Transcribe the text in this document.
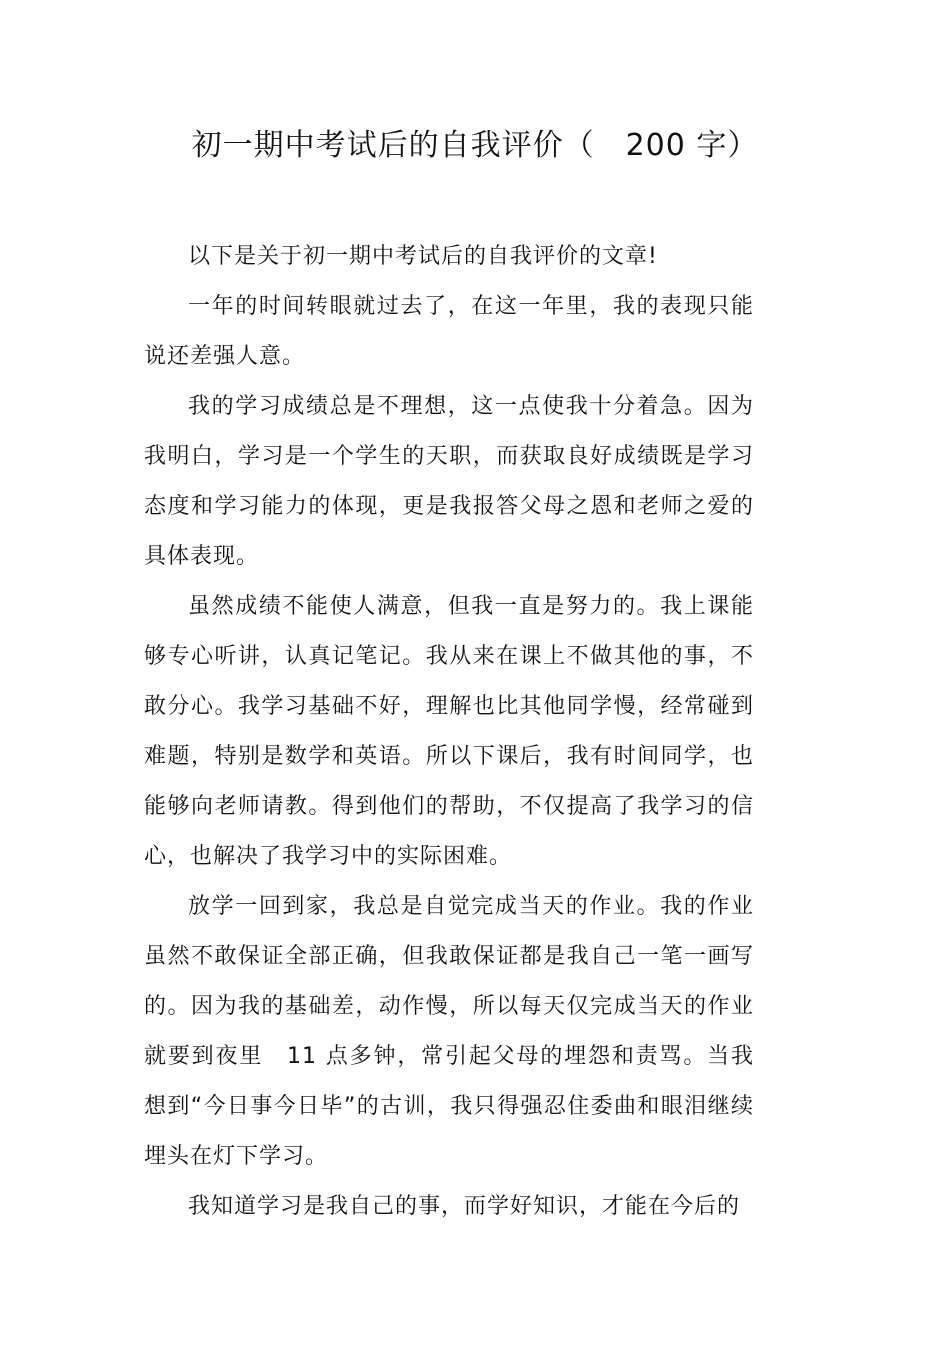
初一期中考试后的自我评价（　200 字）

以下是关于初一期中考试后的自我评价的文章!

一年的时间转眼就过去了，在这一年里，我的表现只能说还差强人意。

我的学习成绩总是不理想，这一点使我十分着急。因为我明白，学习是一个学生的天职，而获取良好成绩既是学习态度和学习能力的体现，更是我报答父母之恩和老师之爱的具体表现。

虽然成绩不能使人满意，但我一直是努力的。我上课能够专心听讲，认真记笔记。我从来在课上不做其他的事，不敢分心。我学习基础不好，理解也比其他同学慢，经常碰到难题，特别是数学和英语。所以下课后，我有时间同学，也能够向老师请教。得到他们的帮助，不仅提高了我学习的信心，也解决了我学习中的实际困难。

放学一回到家，我总是自觉完成当天的作业。我的作业虽然不敢保证全部正确，但我敢保证都是我自己一笔一画写的。因为我的基础差，动作慢，所以每天仅完成当天的作业就要到夜里　11 点多钟，常引起父母的埋怨和责骂。当我想到“今日事今日毕”的古训，我只得强忍住委曲和眼泪继续埋头在灯下学习。

我知道学习是我自己的事，而学好知识，才能在今后的
